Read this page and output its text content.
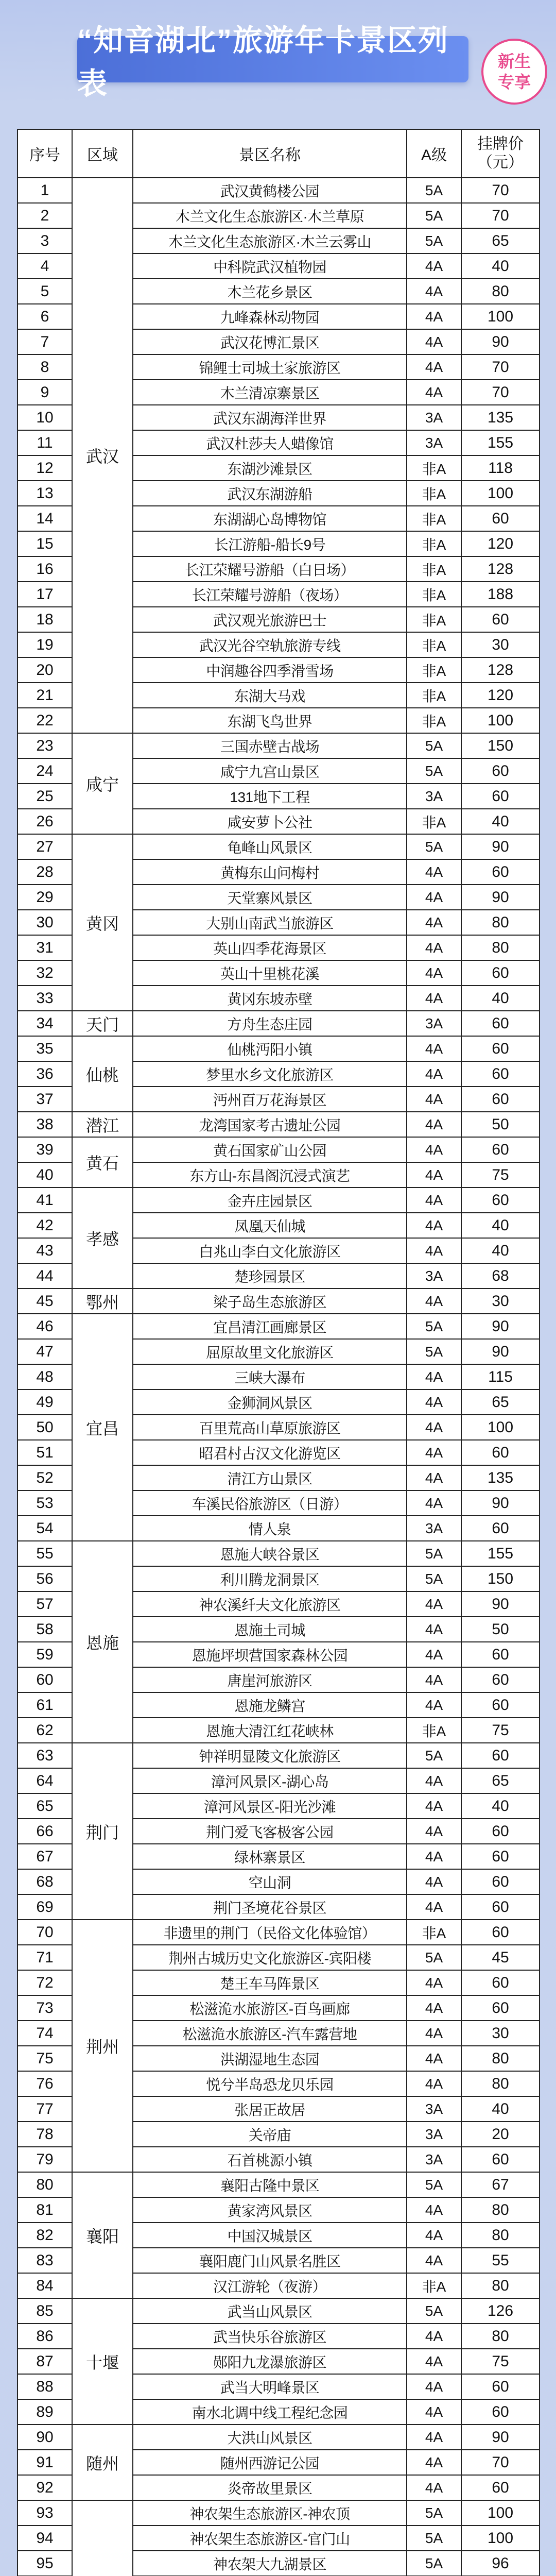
“知音湖北”旅游年卡景区列表
新生
专享
序号	区域	景区名称	A级	挂牌价（元）
1	武汉	武汉黄鹤楼公园	5A	70
2		木兰文化生态旅游区·木兰草原	5A	70
3		木兰文化生态旅游区·木兰云雾山	5A	65
4		中科院武汉植物园	4A	40
5		木兰花乡景区	4A	80
6		九峰森林动物园	4A	100
7		武汉花博汇景区	4A	90
8		锦鲤士司城土家旅游区	4A	70
9		木兰清凉寨景区	4A	70
10		武汉东湖海洋世界	3A	135
11		武汉杜莎夫人蜡像馆	3A	155
12		东湖沙滩景区	非A	118
13		武汉东湖游船	非A	100
14		东湖湖心岛博物馆	非A	60
15		长江游船-船长9号	非A	120
16		长江荣耀号游船（白日场）	非A	128
17		长江荣耀号游船（夜场）	非A	188
18		武汉观光旅游巴士	非A	60
19		武汉光谷空轨旅游专线	非A	30
20		中润趣谷四季滑雪场	非A	128
21		东湖大马戏	非A	120
22		东湖飞鸟世界	非A	100
23	咸宁	三国赤壁古战场	5A	150
24		咸宁九宫山景区	5A	60
25		131地下工程	3A	60
26		咸安萝卜公社	非A	40
27	黄冈	龟峰山风景区	5A	90
28		黄梅东山问梅村	4A	60
29		天堂寨风景区	4A	90
30		大别山南武当旅游区	4A	80
31		英山四季花海景区	4A	80
32		英山十里桃花溪	4A	60
33		黄冈东坡赤壁	4A	40
34	天门	方舟生态庄园	3A	60
35	仙桃	仙桃沔阳小镇	4A	60
36		梦里水乡文化旅游区	4A	60
37		沔州百万花海景区	4A	60
38	潜江	龙湾国家考古遗址公园	4A	50
39	黄石	黄石国家矿山公园	4A	60
40		东方山-东昌阁沉浸式演艺	4A	75
41	孝感	金卉庄园景区	4A	60
42		凤凰天仙城	4A	40
43		白兆山李白文化旅游区	4A	40
44		楚珍园景区	3A	68
45	鄂州	梁子岛生态旅游区	4A	30
46	宜昌	宜昌清江画廊景区	5A	90
47		屈原故里文化旅游区	5A	90
48		三峡大瀑布	4A	115
49		金狮洞风景区	4A	65
50		百里荒高山草原旅游区	4A	100
51		昭君村古汉文化游览区	4A	60
52		清江方山景区	4A	135
53		车溪民俗旅游区（日游）	4A	90
54		情人泉	3A	60
55	恩施	恩施大峡谷景区	5A	155
56		利川腾龙洞景区	5A	150
57		神农溪纤夫文化旅游区	4A	90
58		恩施土司城	4A	50
59		恩施坪坝营国家森林公园	4A	60
60		唐崖河旅游区	4A	60
61		恩施龙鳞宫	4A	60
62		恩施大清江红花峡林	非A	75
63	荆门	钟祥明显陵文化旅游区	5A	60
64		漳河风景区-湖心岛	4A	65
65		漳河风景区-阳光沙滩	4A	40
66		荆门爱飞客极客公园	4A	60
67		绿林寨景区	4A	60
68		空山洞	4A	60
69		荆门圣境花谷景区	4A	60
70	荆州	非遗里的荆门（民俗文化体验馆）	非A	60
71		荆州古城历史文化旅游区-宾阳楼	5A	45
72		楚王车马阵景区	4A	60
73		松滋洈水旅游区-百鸟画廊	4A	60
74		松滋洈水旅游区-汽车露营地	4A	30
75		洪湖湿地生态园	4A	80
76		悦兮半岛恐龙贝乐园	4A	80
77		张居正故居	3A	40
78		关帝庙	3A	20
79		石首桃源小镇	3A	60
80	襄阳	襄阳古隆中景区	5A	67
81		黄家湾风景区	4A	80
82		中国汉城景区	4A	80
83		襄阳鹿门山风景名胜区	4A	55
84		汉江游轮（夜游）	非A	80
85	十堰	武当山风景区	5A	126
86		武当快乐谷旅游区	4A	80
87		郧阳九龙瀑旅游区	4A	75
88		武当大明峰景区	4A	60
89		南水北调中线工程纪念园	4A	60
90	随州	大洪山风景区	4A	90
91		随州西游记公园	4A	70
92		炎帝故里景区	4A	60
93		神农架生态旅游区-神农顶	5A	100
94		神农架生态旅游区-官门山	5A	100
95		神农架大九湖景区	5A	96
